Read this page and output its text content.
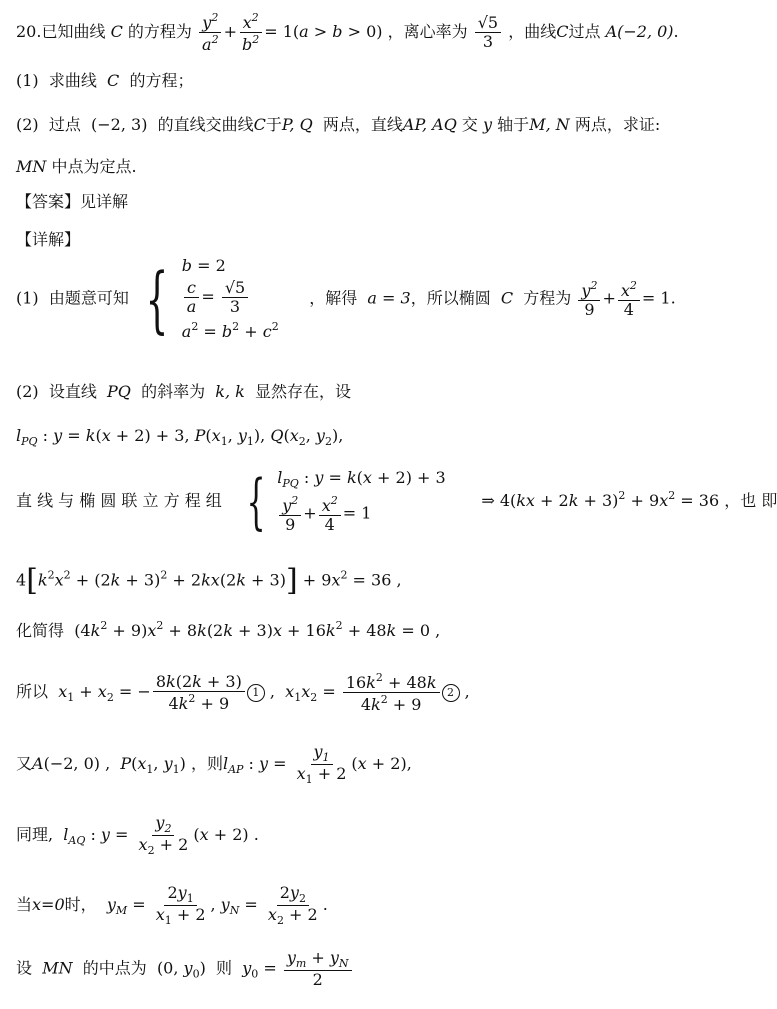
20.已知曲线 C 的方程为 $\frac{y^2}{a^2} + \frac{x^2}{b^2} = 1(a > b > 0)$ ，离心率为 $\frac{√5}{3}$ ，曲线C过点 A(−2, 0).
(1) 求曲线 C 的方程；
(2) 过点 (−2, 3) 的直线交曲线C于P, Q 两点，直线AP, AQ 交 y 轴于M, N 两点，求证:
MN 中点为定点.
【答案】见详解
【详解】
(1) 由题意可知 { b = 2
$\frac{c}{a} = \frac{√5}{3}$
$a^2 = b^2 + c^2$
，解得 a = 3，所以椭圆 C 方程为 $\frac{y^2}{9} + \frac{x^2}{4} = 1$.
(2) 设直线 PQ 的斜率为 k, k 显然存在，设
$l_{PQ}$ : y = k(x + 2) + 3, $P(x_1$, $y_1$), $Q(x_2$, $y_2$),
直 线 与 椭 圆 联 立 方 程 组 { $l_{PQ}$ : y = k(x + 2) + 3
$\frac{y^2}{9} + \frac{x^2}{4} = 1$
⇒ $4(kx + 2k + 3)^2 + 9x^2 = 36$ ，也 即
$4[k^2x^2 + (2k + 3)^2 + 2kx(2k + 3)] + 9x^2 = 36$ ,
化简得  $(4k^2 + 9)x^2 + 8k(2k + 3)x + 16k^2 + 48k = 0$ ,
所以 $x_1 + x_2$ = − $\frac{8k(2k + 3)}{4k^2 + 9} 1$ ,  $x_1x_2 = \frac{16k^2 + 48k}{4k^2 + 9} 2$ ,
又A(−2, 0) ,  $P(x_1$, $y_1$) ，则$l_{AP}$ : $y = \frac{y_1}{x_1 + 2} (x + 2)$,
同理, $l_{AQ}$ : $y = \frac{y_2}{x_2 + 2} (x + 2)$ .
当x=0时， $y_M = \frac{2y_1}{x_1 + 2}$ , $y_N = \frac{2y_2}{x_2 + 2}$ .
设 MN 的中点为  (0, $y_0$)  则 $y_0 = \frac{y_m + y_N}{2}$
